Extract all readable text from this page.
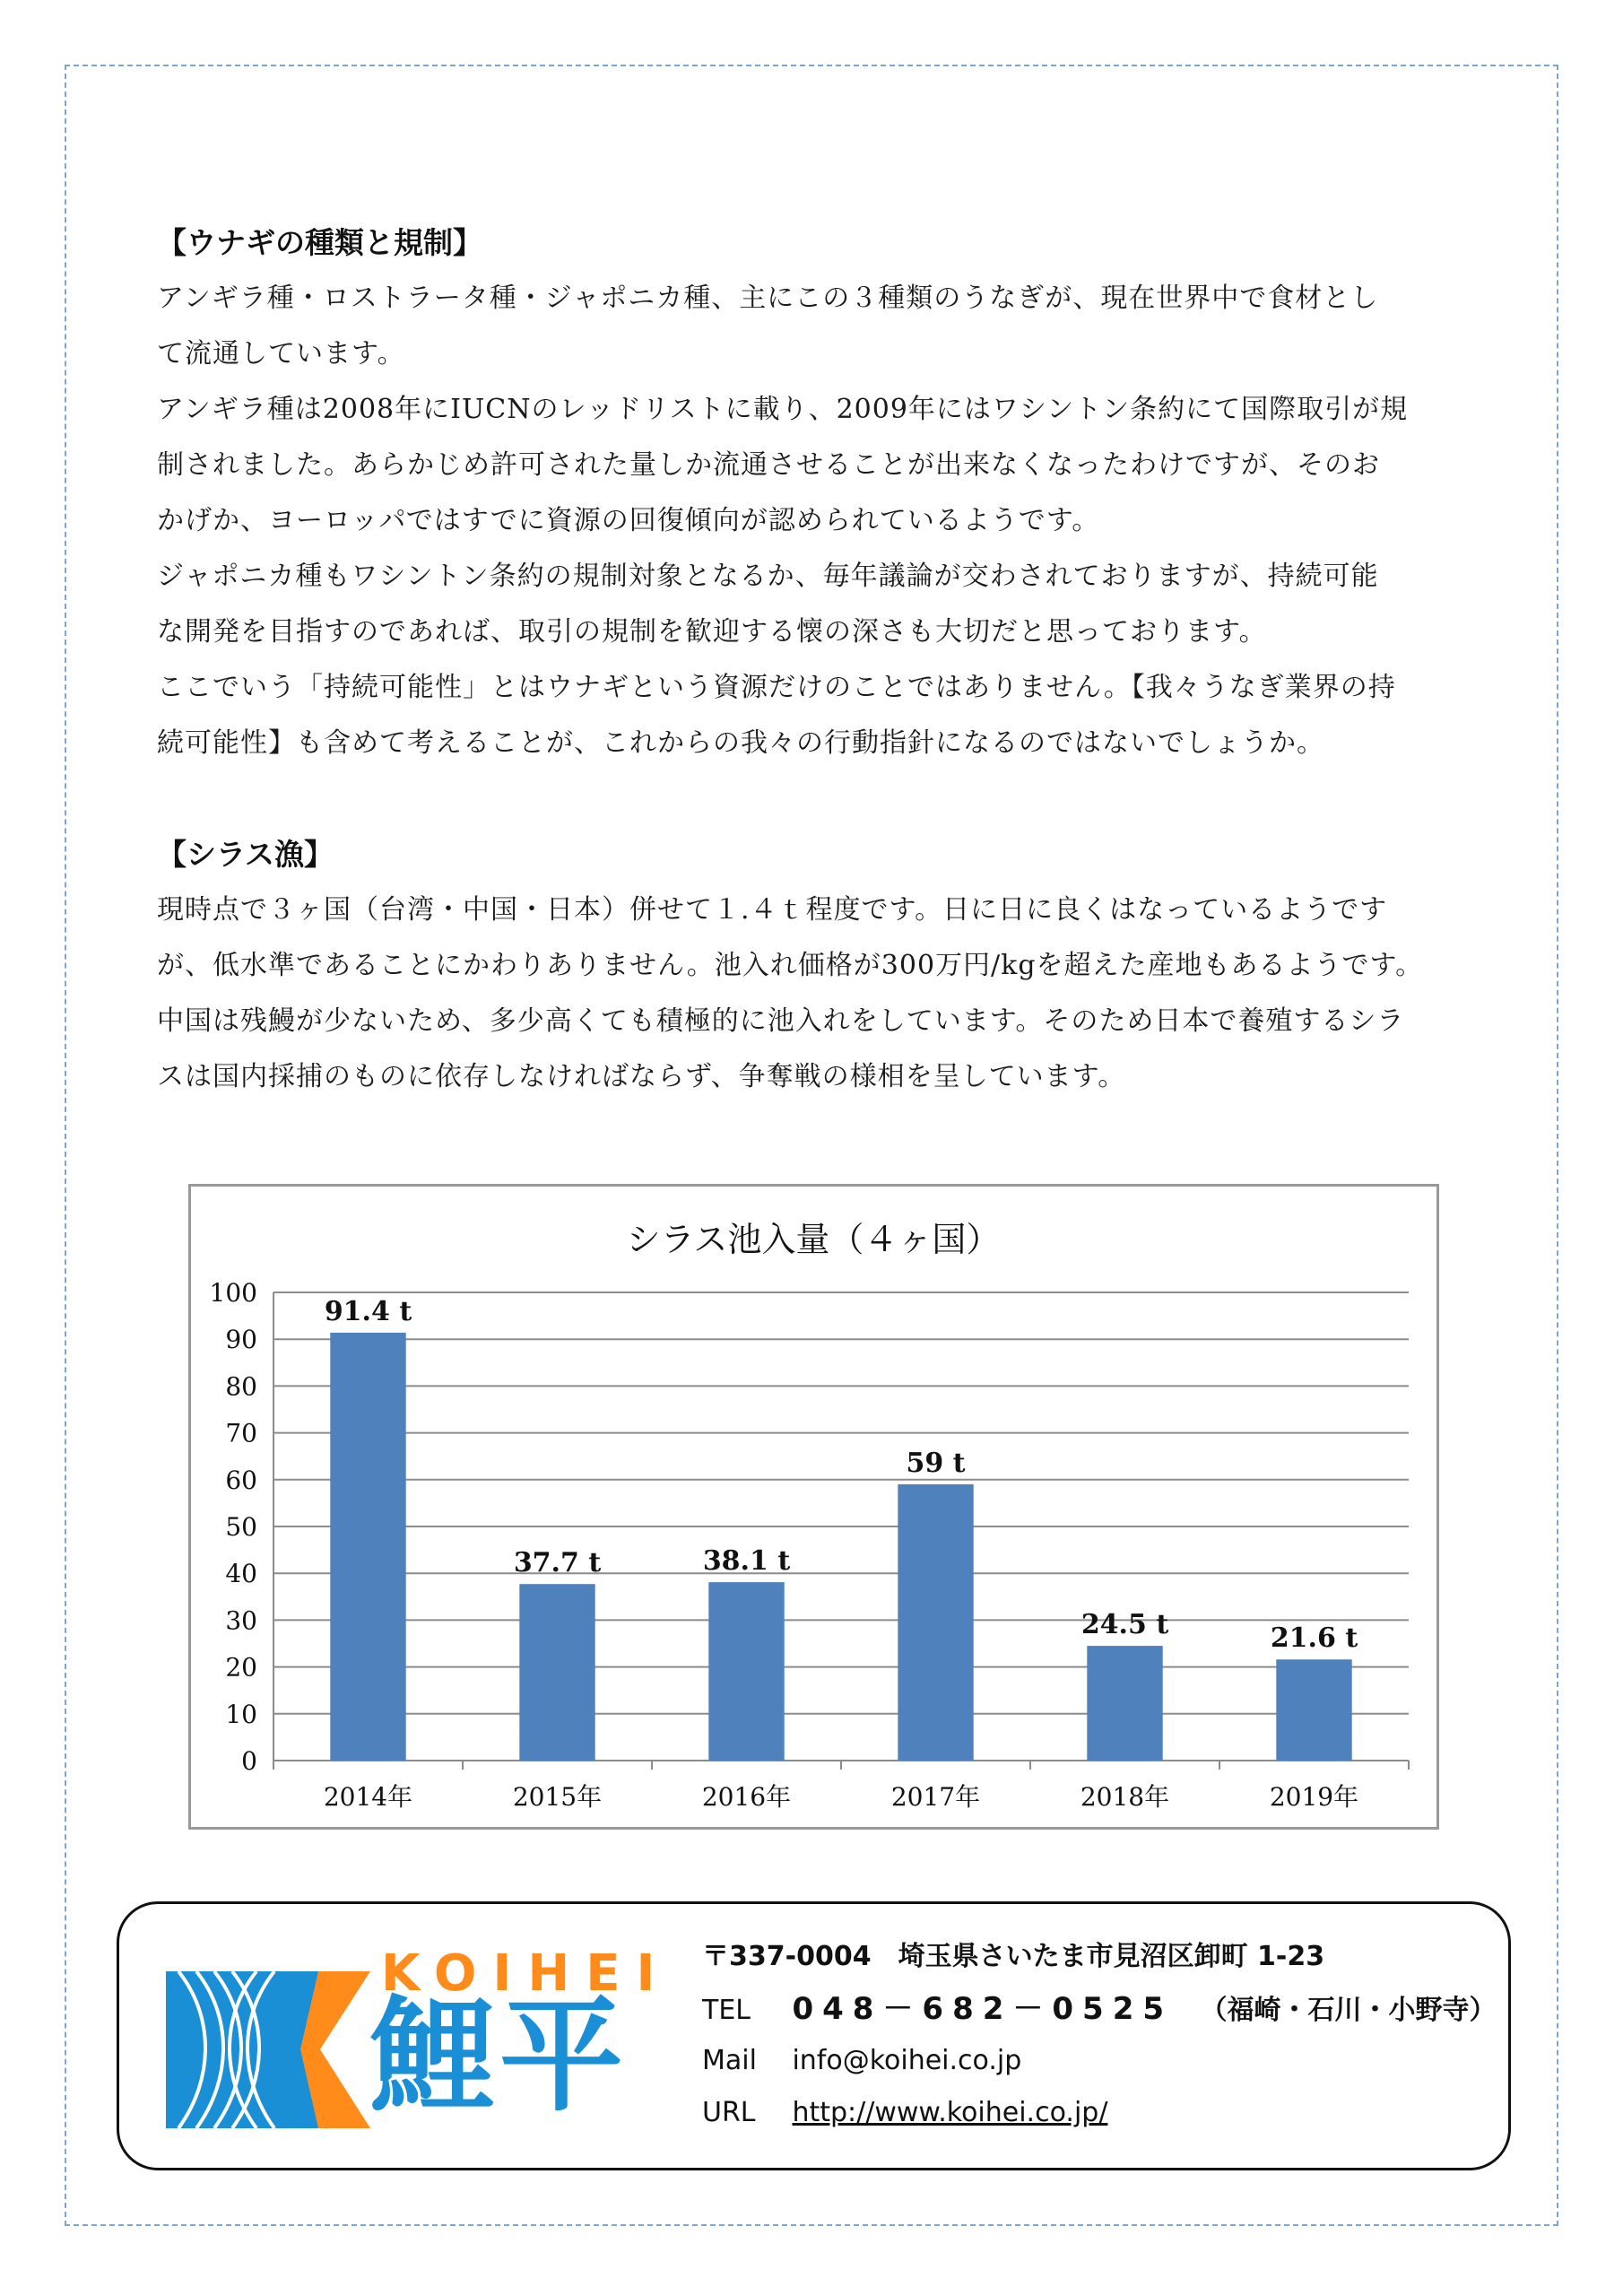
【ウナギの種類と規制】

アンギラ種・ロストラータ種・ジャポニカ種、主にこの３種類のうなぎが、現在世界中で食材とし

て流通しています。

アンギラ種は2008年にIUCNのレッドリストに載り、2009年にはワシントン条約にて国際取引が規

制されました。あらかじめ許可された量しか流通させることが出来なくなったわけですが、そのお

かげか、ヨーロッパではすでに資源の回復傾向が認められているようです。

ジャポニカ種もワシントン条約の規制対象となるか、毎年議論が交わされておりますが、持続可能

な開発を目指すのであれば、取引の規制を歓迎する懐の深さも大切だと思っております。

ここでいう「持続可能性」とはウナギという資源だけのことではありません。【我々うなぎ業界の持

続可能性】も含めて考えることが、これからの我々の行動指針になるのではないでしょうか。

【シラス漁】

現時点で３ヶ国（台湾・中国・日本）併せて１.４ｔ程度です。日に日に良くはなっているようです

が、低水準であることにかわりありません。池入れ価格が300万円/kgを超えた産地もあるようです。

中国は残鰻が少ないため、多少高くても積極的に池入れをしています。そのため日本で養殖するシラ

スは国内採捕のものに依存しなければならず、争奪戦の様相を呈しています。

シラス池入量（４ヶ国）
91.4 t
37.7 t	38.1 t
59 t
24.5 t	21.6 t
0
10
20
30
40
50
60
70
80
90
100
2014年	2015年	2016年	2017年	2018年	2019年
KOIHEI
鯉平
〒337-0004　埼玉県さいたま市見沼区卸町 1-23
TEL 048－682－0525 （福崎・石川・小野寺）
Mail info@koihei.co.jp
URL http://www.koihei.co.jp/
